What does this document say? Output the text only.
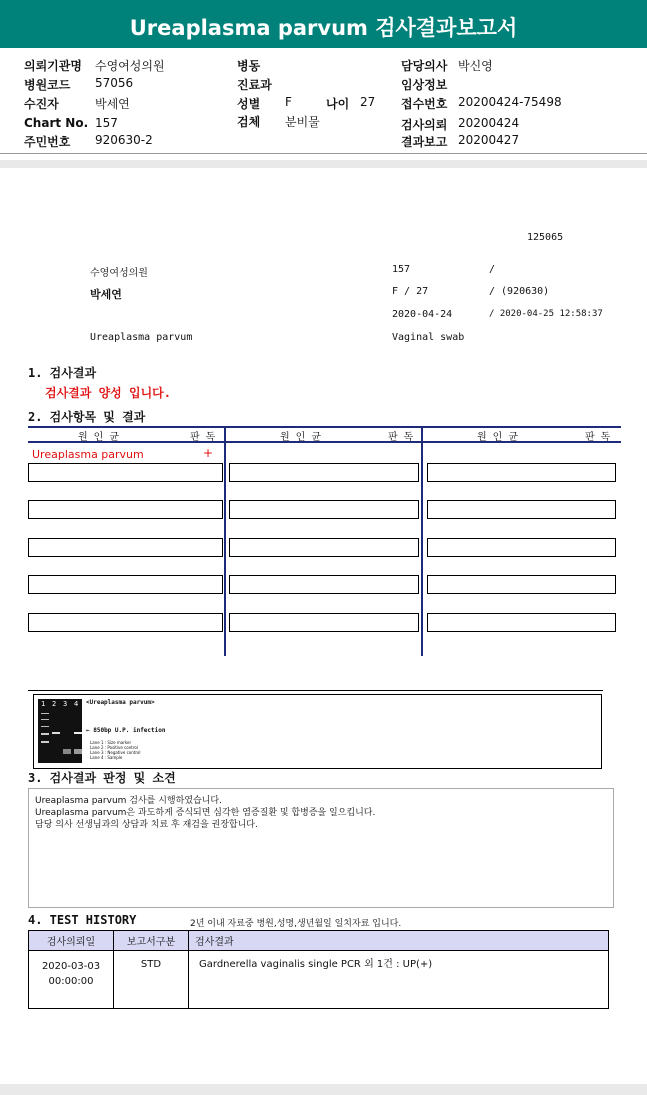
Ureaplasma parvum 검사결과보고서
의뢰기관명 수영여성의원
병원코드 57056
수진자	박세연
Chart No. 157
주민번호 920630-2
병동
진료과
성별 F	나이 27
검체 분비물
담당의사 박신영
임상정보
접수번호 20200424-75498
검사의뢰 20200424
결과보고 20200427
125065
수영여성의원	157	/
박세연	F / 27	/ (920630)
2020-04-24	/ 2020-04-25 12:58:37
Ureaplasma parvum	Vaginal swab
1. 검사결과
검사결과 양성 입니다.
2. 검사항목 및 결과
원 인 균	판 독	원 인 균	판 독	원 인 균	판 독
Ureaplasma parvum	+
1 2 3 4 <Ureaplasma parvum>
← 850bp U.P. infection
Lane 1 : Size marker
Lane 2 : Positive control
Lane 3 : Negative control
Lane 4 : Sample
3. 검사결과 판정 및 소견
Ureaplasma parvum 검사를 시행하였습니다.
Ureaplasma parvum은 과도하게 증식되면 심각한 염증질환 및 합병증을 일으킵니다.
담당 의사 선생님과의 상담과 치료 후 재검을 권장합니다.
4. TEST HISTORY	2년 이내 자료중 병원,성명,생년월일 일치자료 입니다.
검사의뢰일	보고서구분	검사결과

2020-03-03
00:00:00	STD	Gardnerella vaginalis single PCR 외 1건 : UP(+)
